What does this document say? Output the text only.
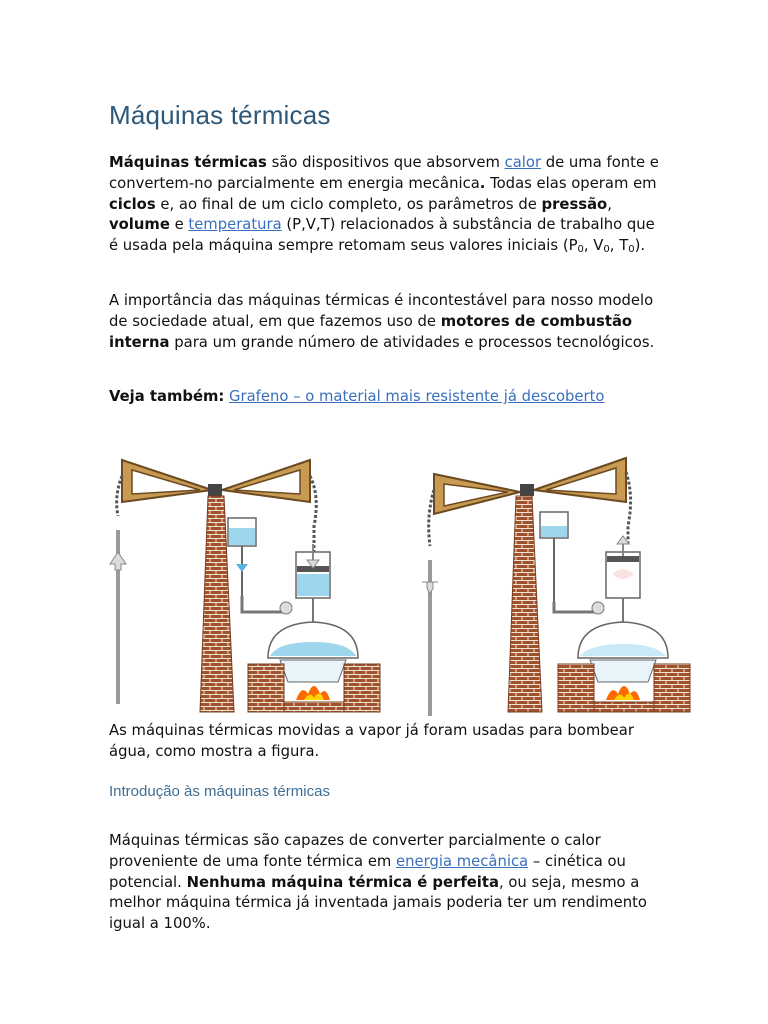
Máquinas térmicas

Máquinas térmicas são dispositivos que absorvem calor de uma fonte e convertem-no parcialmente em energia mecânica. Todas elas operam em ciclos e, ao final de um ciclo completo, os parâmetros de pressão, volume e temperatura (P,V,T) relacionados à substância de trabalho que é usada pela máquina sempre retomam seus valores iniciais ($P_0$, $V_0$, $T_0$).

A importância das máquinas térmicas é incontestável para nosso modelo de sociedade atual, em que fazemos uso de motores de combustão interna para um grande número de atividades e processos tecnológicos.

Veja também: Grafeno – o material mais resistente já descoberto

As máquinas térmicas movidas a vapor já foram usadas para bombear água, como mostra a figura.

Introdução às máquinas térmicas

Máquinas térmicas são capazes de converter parcialmente o calor proveniente de uma fonte térmica em energia mecânica – cinética ou potencial. Nenhuma máquina térmica é perfeita, ou seja, mesmo a melhor máquina térmica já inventada jamais poderia ter um rendimento igual a 100%.
